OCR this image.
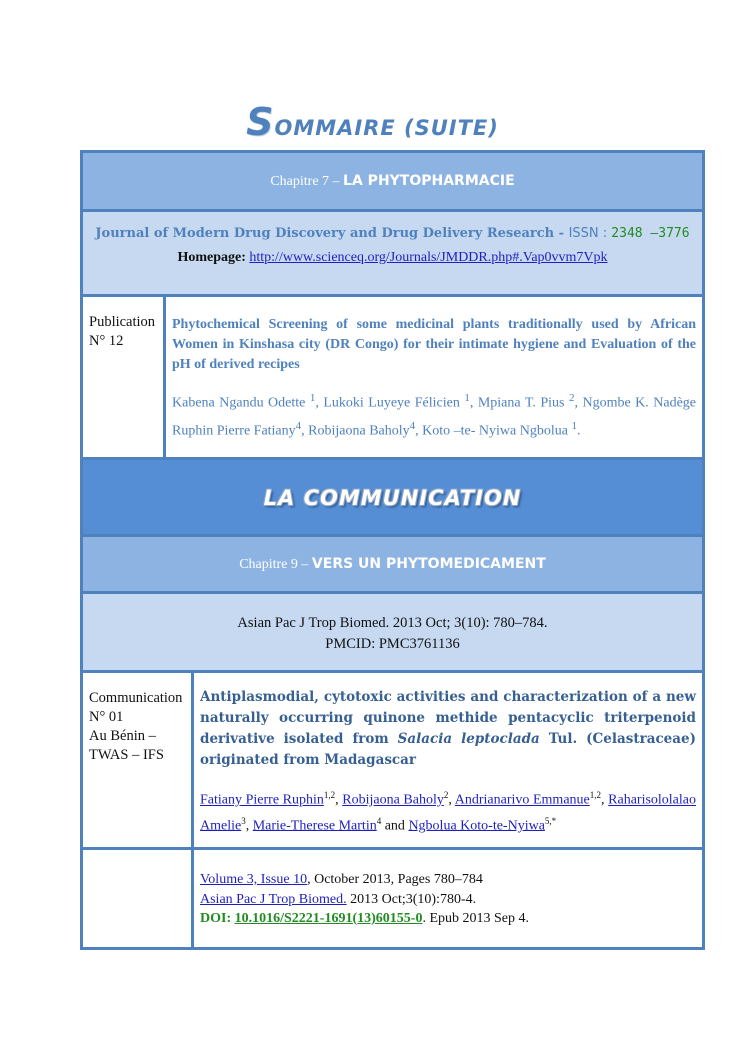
SOMMAIRE (SUITE)
Chapitre 7 – LA PHYTOPHARMACIE
Journal of Modern Drug Discovery and Drug Delivery Research - ISSN : 2348 –3776
Homepage: http://www.scienceq.org/Journals/JMDDR.php#.Vap0vvm7Vpk
Publication
N° 12
Phytochemical Screening of some medicinal plants traditionally used by African Women in Kinshasa city (DR Congo) for their intimate hygiene and Evaluation of the pH of derived recipes
Kabena Ngandu Odette $^1$, Lukoki Luyeye Félicien $^1$, Mpiana T. Pius $^2$, Ngombe K. Nadège Ruphin Pierre Fatiany$^4$, Robijaona Baholy$^4$, Koto –te- Nyiwa Ngbolua $^1$.
LA COMMUNICATION
Chapitre 9 – VERS UN PHYTOMEDICAMENT
Asian Pac J Trop Biomed. 2013 Oct; 3(10): 780–784.
PMCID: PMC3761136
Communication
N° 01
Au Bénin –
TWAS – IFS
Antiplasmodial, cytotoxic activities and characterization of a new naturally occurring quinone methide pentacyclic triterpenoid derivative isolated from Salacia leptoclada Tul. (Celastraceae) originated from Madagascar
Fatiany Pierre Ruphin$^{1,2}$, Robijaona Baholy$^2$, Andrianarivo Emmanue$^{1,2}$, Raharisololalao Amelie$^3$, Marie-Therese Martin$^4$ and Ngbolua Koto-te-Nyiwa$^{5,*}$
Volume 3, Issue 10, October 2013, Pages 780–784
Asian Pac J Trop Biomed. 2013 Oct;3(10):780-4.
DOI: 10.1016/S2221-1691(13)60155-0. Epub 2013 Sep 4.
